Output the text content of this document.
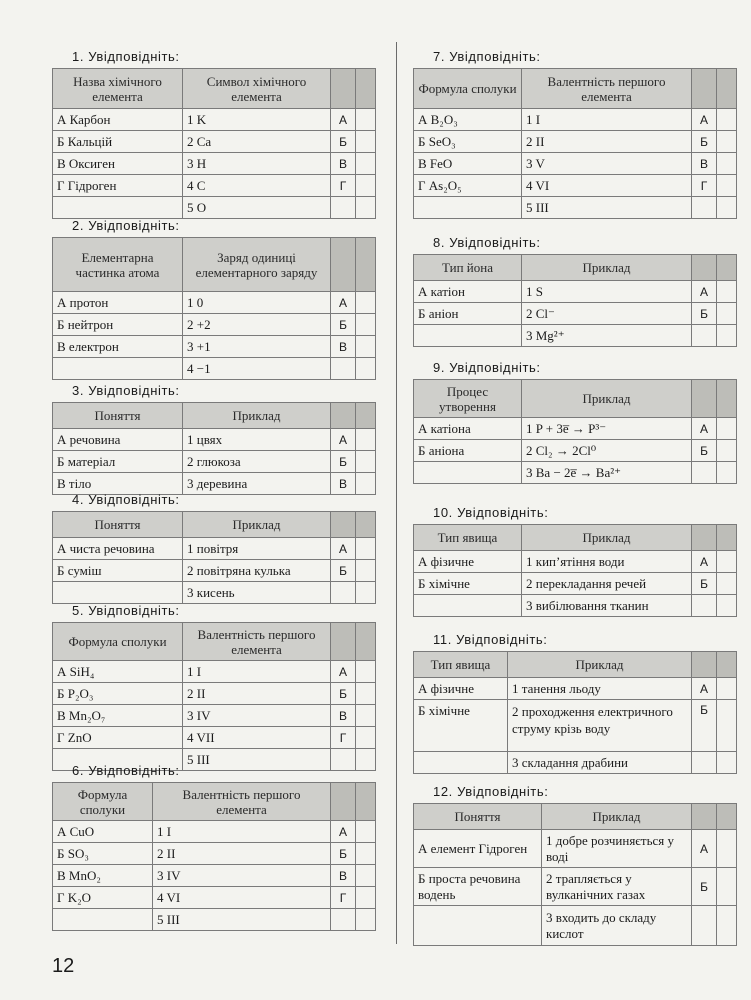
1. Увідповідніть:
Назва хімічного елемента	Символ хімічного елемента		
А Карбон	1 K	А	
Б Кальцій	2 Ca	Б	
В Оксиген	3 H	В	
Г Гідроген	4 C	Г	
	5 O		
2. Увідповідніть:
Елементарна частинка атома	Заряд одиниці елементарного заряду		
А протон	1 0	А	
Б нейтрон	2 +2	Б	
В електрон	3 +1	В	
	4 −1		
3. Увідповідніть:
Поняття	Приклад		
А речовина	1 цвях	А	
Б матеріал	2 глюкоза	Б	
В тіло	3 деревина	В	
4. Увідповідніть:
Поняття	Приклад		
А чиста речовина	1 повітря	А	
Б суміш	2 повітряна кулька	Б	
	3 кисень		
5. Увідповідніть:
Формула сполуки	Валентність першого елемента		
А SiH₄	1 I	А	
Б P₂O₃	2 II	Б	
В Mn₂O₇	3 IV	В	
Г ZnO	4 VII	Г	
	5 III		
6. Увідповідніть:
Формула сполуки	Валентність першого елемента		
А CuO	1 I	А	
Б SO₃	2 II	Б	
В MnO₂	3 IV	В	
Г K₂O	4 VI	Г	
	5 III		
7. Увідповідніть:
Формула сполуки	Валентність першого елемента		
А B₂O₃	1 I	А	
Б SeO₃	2 II	Б	
В FeO	3 V	В	
Г As₂O₅	4 VI	Г	
	5 III		
8. Увідповідніть:
Тип йона	Приклад		
А катіон	1 S	А	
Б аніон	2 Cl⁻	Б	
	3 Mg²⁺		
9. Увідповідніть:
Процес утворення	Приклад		
А катіона	1 P + 3e̅ → P³⁻	А	
Б аніона	2 Cl₂ → 2Cl⁰	Б	
	3 Ba − 2e̅ → Ba²⁺		
10. Увідповідніть:
Тип явища	Приклад		
А фізичне	1 кип’ятіння води	А	
Б хімічне	2 перекладання речей	Б	
	3 вибілювання тканин		
11. Увідповідніть:
Тип явища	Приклад		
А фізичне	1 танення льоду	А	
Б хімічне	2 проходження електричного струму крізь воду	Б	
	3 складання драбини		
12. Увідповідніть:
Поняття	Приклад		
А елемент Гідроген	1 добре розчиняється у воді	А	
Б проста речовина водень	2 трапляється у вулканічних газах	Б	
	3 входить до складу кислот		
12
